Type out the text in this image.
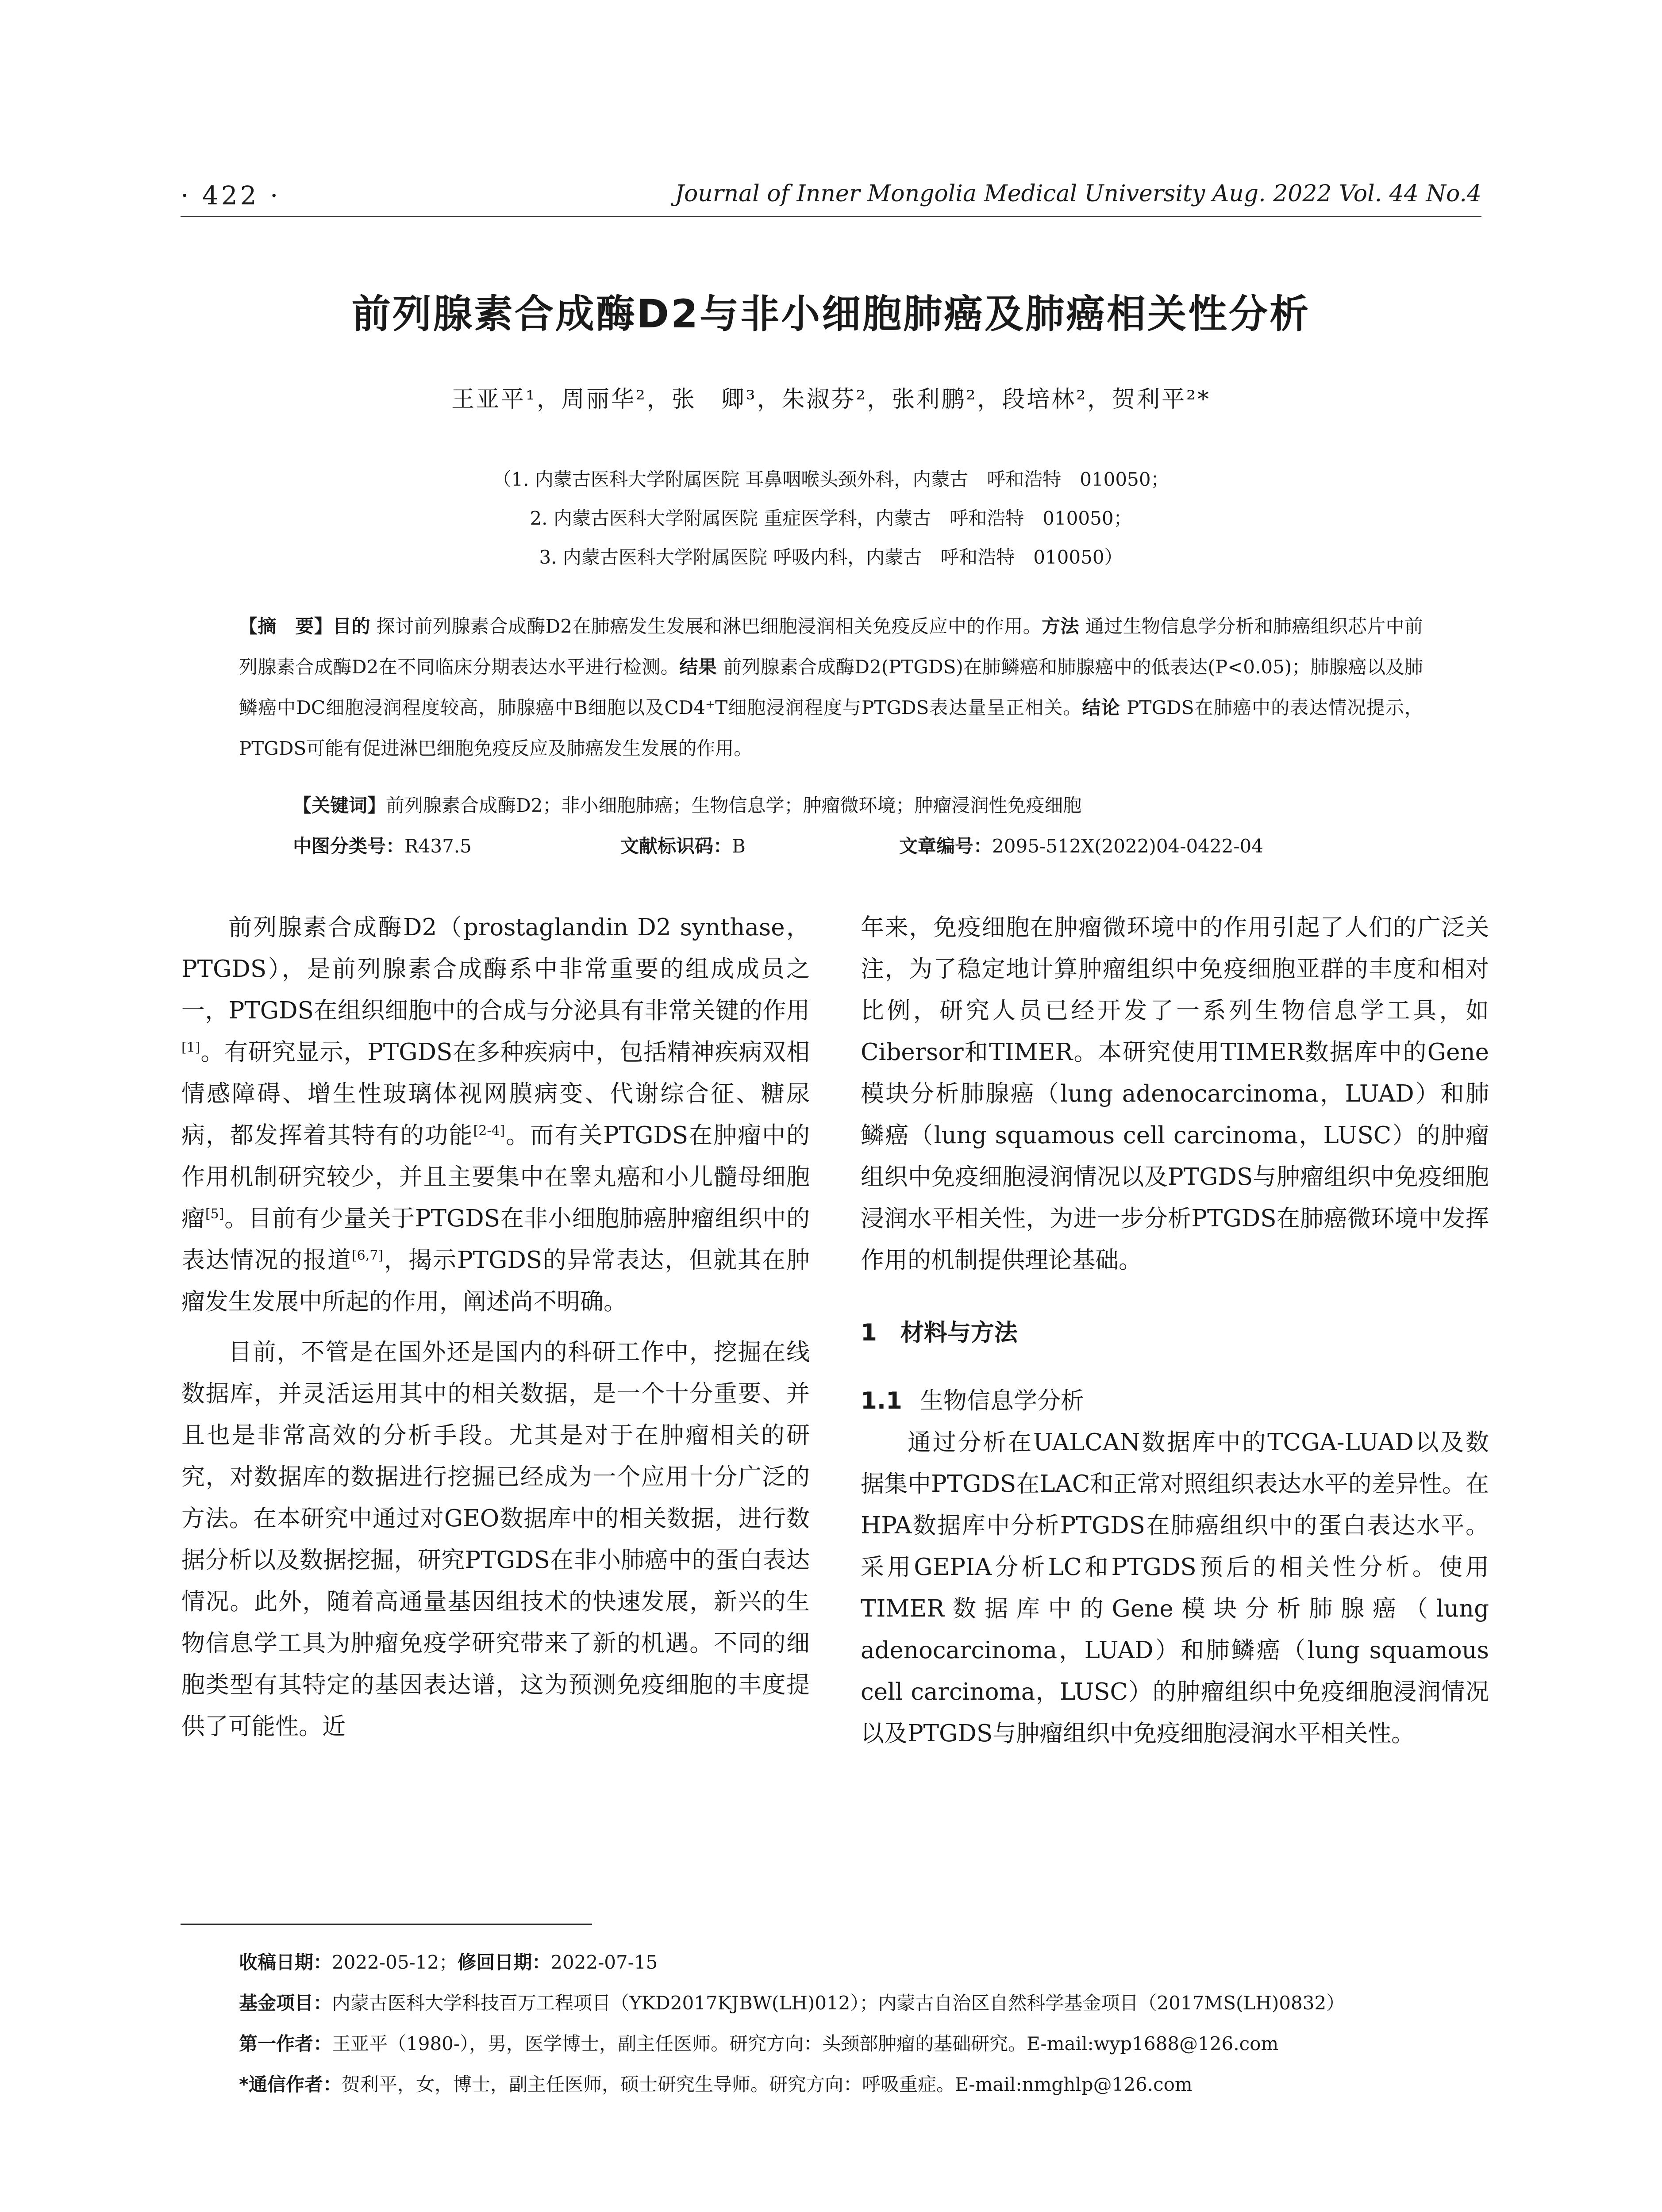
· 422 ·	Journal of Inner Mongolia Medical University Aug. 2022 Vol. 44 No.4
前列腺素合成酶D2与非小细胞肺癌及肺癌相关性分析
王亚平¹，周丽华²，张　卿³，朱淑芬²，张利鹏²，段培林²，贺利平²*
（1. 内蒙古医科大学附属医院 耳鼻咽喉头颈外科，内蒙古　呼和浩特　010050；
2. 内蒙古医科大学附属医院 重症医学科，内蒙古　呼和浩特　010050；
3. 内蒙古医科大学附属医院 呼吸内科，内蒙古　呼和浩特　010050）
【摘　要】目的 探讨前列腺素合成酶D2在肺癌发生发展和淋巴细胞浸润相关免疫反应中的作用。方法 通过生物信息学分析和肺癌组织芯片中前列腺素合成酶D2在不同临床分期表达水平进行检测。结果 前列腺素合成酶D2(PTGDS)在肺鳞癌和肺腺癌中的低表达(P<0.05)；肺腺癌以及肺鳞癌中DC细胞浸润程度较高，肺腺癌中B细胞以及CD4⁺T细胞浸润程度与PTGDS表达量呈正相关。结论 PTGDS在肺癌中的表达情况提示，PTGDS可能有促进淋巴细胞免疫反应及肺癌发生发展的作用。
【关键词】前列腺素合成酶D2；非小细胞肺癌；生物信息学；肿瘤微环境；肿瘤浸润性免疫细胞
中图分类号：R437.5	文献标识码：B	文章编号：2095-512X(2022)04-0422-04

前列腺素合成酶D2（prostaglandin D2 synthase，PTGDS），是前列腺素合成酶系中非常重要的组成成员之一，PTGDS在组织细胞中的合成与分泌具有非常关键的作用[1]。有研究显示，PTGDS在多种疾病中，包括精神疾病双相情感障碍、增生性玻璃体视网膜病变、代谢综合征、糖尿病，都发挥着其特有的功能[2-4]。而有关PTGDS在肿瘤中的作用机制研究较少，并且主要集中在睾丸癌和小儿髓母细胞瘤[5]。目前有少量关于PTGDS在非小细胞肺癌肿瘤组织中的表达情况的报道[6,7]，揭示PTGDS的异常表达，但就其在肿瘤发生发展中所起的作用，阐述尚不明确。

目前，不管是在国外还是国内的科研工作中，挖掘在线数据库，并灵活运用其中的相关数据，是一个十分重要、并且也是非常高效的分析手段。尤其是对于在肿瘤相关的研究，对数据库的数据进行挖掘已经成为一个应用十分广泛的方法。在本研究中通过对GEO数据库中的相关数据，进行数据分析以及数据挖掘，研究PTGDS在非小肺癌中的蛋白表达情况。此外，随着高通量基因组技术的快速发展，新兴的生物信息学工具为肿瘤免疫学研究带来了新的机遇。不同的细胞类型有其特定的基因表达谱，这为预测免疫细胞的丰度提供了可能性。近

年来，免疫细胞在肿瘤微环境中的作用引起了人们的广泛关注，为了稳定地计算肿瘤组织中免疫细胞亚群的丰度和相对比例，研究人员已经开发了一系列生物信息学工具，如Cibersor和TIMER。本研究使用TIMER数据库中的Gene模块分析肺腺癌（lung adenocarcinoma，LUAD）和肺鳞癌（lung squamous cell carcinoma，LUSC）的肿瘤组织中免疫细胞浸润情况以及PTGDS与肿瘤组织中免疫细胞浸润水平相关性，为进一步分析PTGDS在肺癌微环境中发挥作用的机制提供理论基础。

1　材料与方法
1.1 生物信息学分析

通过分析在UALCAN数据库中的TCGA-LUAD以及数据集中PTGDS在LAC和正常对照组织表达水平的差异性。在HPA数据库中分析PTGDS在肺癌组织中的蛋白表达水平。采用GEPIA分析LC和PTGDS预后的相关性分析。使用TIMER数据库中的Gene模块分析肺腺癌（lung adenocarcinoma，LUAD）和肺鳞癌（lung squamous cell carcinoma，LUSC）的肿瘤组织中免疫细胞浸润情况以及PTGDS与肿瘤组织中免疫细胞浸润水平相关性。

收稿日期：2022-05-12；修回日期：2022-07-15
基金项目：内蒙古医科大学科技百万工程项目（YKD2017KJBW(LH)012）；内蒙古自治区自然科学基金项目（2017MS(LH)0832）
第一作者：王亚平（1980-），男，医学博士，副主任医师。研究方向：头颈部肿瘤的基础研究。E-mail:wyp1688@126.com
*通信作者：贺利平，女，博士，副主任医师，硕士研究生导师。研究方向：呼吸重症。E-mail:nmghlp@126.com
